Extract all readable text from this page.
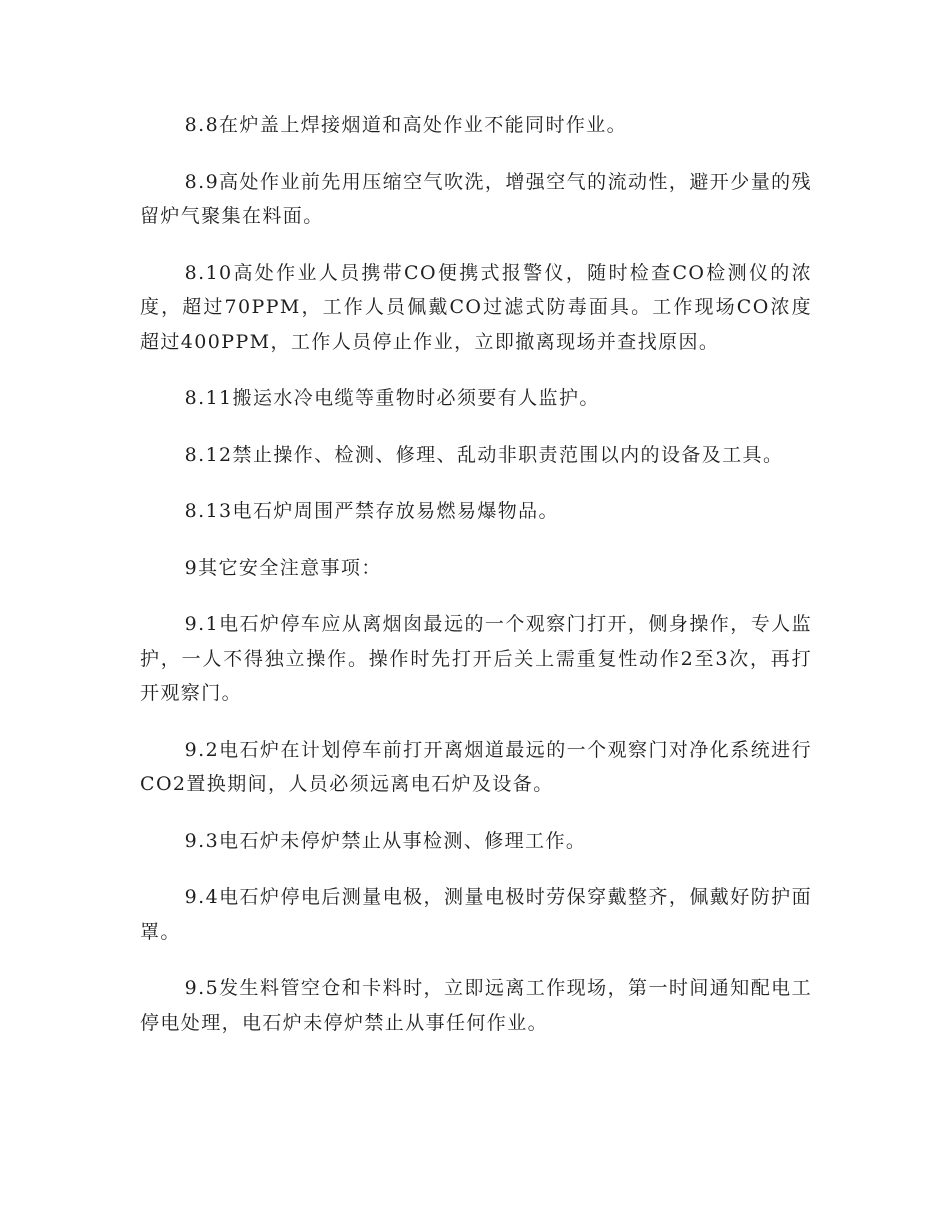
8.8在炉盖上焊接烟道和高处作业不能同时作业。

8.9高处作业前先用压缩空气吹洗，增强空气的流动性，避开少量的残留炉气聚集在料面。

8.10高处作业人员携带CO便携式报警仪，随时检查CO检测仪的浓度，超过70PPM，工作人员佩戴CO过滤式防毒面具。工作现场CO浓度超过400PPM，工作人员停止作业，立即撤离现场并查找原因。

8.11搬运水冷电缆等重物时必须要有人监护。

8.12禁止操作、检测、修理、乱动非职责范围以内的设备及工具。

8.13电石炉周围严禁存放易燃易爆物品。

9其它安全注意事项：

9.1电石炉停车应从离烟囱最远的一个观察门打开，侧身操作，专人监护，一人不得独立操作。操作时先打开后关上需重复性动作2至3次，再打开观察门。

9.2电石炉在计划停车前打开离烟道最远的一个观察门对净化系统进行CO2置换期间，人员必须远离电石炉及设备。

9.3电石炉未停炉禁止从事检测、修理工作。

9.4电石炉停电后测量电极，测量电极时劳保穿戴整齐，佩戴好防护面罩。

9.5发生料管空仓和卡料时，立即远离工作现场，第一时间通知配电工停电处理，电石炉未停炉禁止从事任何作业。
